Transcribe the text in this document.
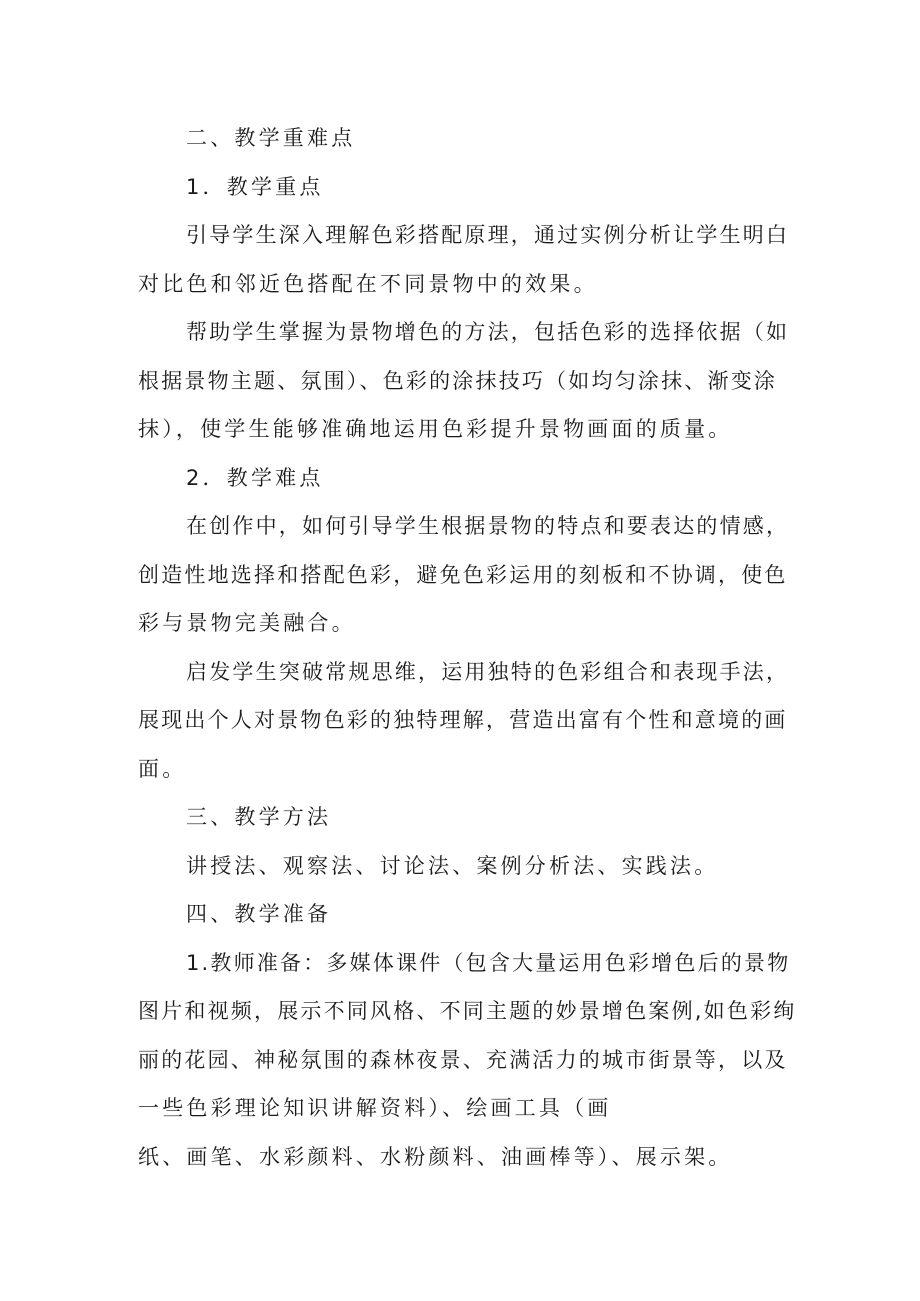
二、教学重难点

1．教学重点

引导学生深入理解色彩搭配原理，通过实例分析让学生明白

对比色和邻近色搭配在不同景物中的效果。

帮助学生掌握为景物增色的方法，包括色彩的选择依据（如

根据景物主题、氛围）、色彩的涂抹技巧（如均匀涂抹、渐变涂

抹），使学生能够准确地运用色彩提升景物画面的质量。

2．教学难点

在创作中，如何引导学生根据景物的特点和要表达的情感，

创造性地选择和搭配色彩，避免色彩运用的刻板和不协调，使色

彩与景物完美融合。

启发学生突破常规思维，运用独特的色彩组合和表现手法，

展现出个人对景物色彩的独特理解，营造出富有个性和意境的画

面。

三、教学方法

讲授法、观察法、讨论法、案例分析法、实践法。

四、教学准备

1.教师准备：多媒体课件（包含大量运用色彩增色后的景物

图片和视频，展示不同风格、不同主题的妙景增色案例,如色彩绚

丽的花园、神秘氛围的森林夜景、充满活力的城市街景等，以及

一些色彩理论知识讲解资料）、绘画工具（画

纸、画笔、水彩颜料、水粉颜料、油画棒等）、展示架。
